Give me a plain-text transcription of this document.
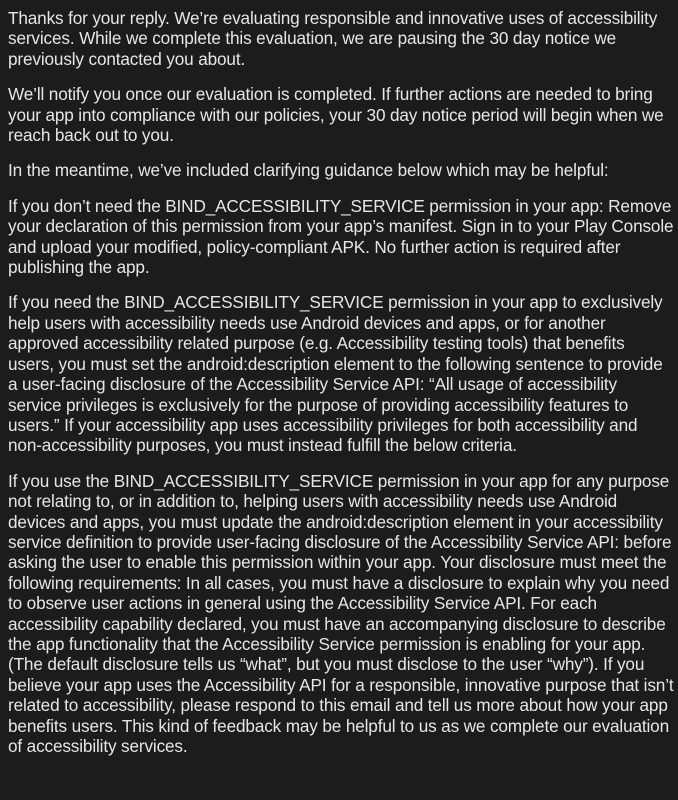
Thanks for your reply. We’re evaluating responsible and innovative uses of accessibility services. While we complete this evaluation, we are pausing the 30 day notice we previously contacted you about.

We’ll notify you once our evaluation is completed. If further actions are needed to bring your app into compliance with our policies, your 30 day notice period will begin when we reach back out to you.

In the meantime, we’ve included clarifying guidance below which may be helpful:

If you don’t need the BIND_ACCESSIBILITY_SERVICE permission in your app: Remove your declaration of this permission from your app’s manifest. Sign in to your Play Console and upload your modified, policy-compliant APK. No further action is required after publishing the app.

If you need the BIND_ACCESSIBILITY_SERVICE permission in your app to exclusively help users with accessibility needs use Android devices and apps, or for another approved accessibility related purpose (e.g. Accessibility testing tools) that benefits users, you must set the android:description element to the following sentence to provide a user-facing disclosure of the Accessibility Service API: “All usage of accessibility service privileges is exclusively for the purpose of providing accessibility features to users.” If your accessibility app uses accessibility privileges for both accessibility and non-accessibility purposes, you must instead fulfill the below criteria.

If you use the BIND_ACCESSIBILITY_SERVICE permission in your app for any purpose not relating to, or in addition to, helping users with accessibility needs use Android devices and apps, you must update the android:description element in your accessibility service definition to provide user-facing disclosure of the Accessibility Service API: before asking the user to enable this permission within your app. Your disclosure must meet the following requirements: In all cases, you must have a disclosure to explain why you need to observe user actions in general using the Accessibility Service API. For each accessibility capability declared, you must have an accompanying disclosure to describe the app functionality that the Accessibility Service permission is enabling for your app. (The default disclosure tells us “what”, but you must disclose to the user “why”). If you believe your app uses the Accessibility API for a responsible, innovative purpose that isn’t related to accessibility, please respond to this email and tell us more about how your app benefits users. This kind of feedback may be helpful to us as we complete our evaluation of accessibility services.
